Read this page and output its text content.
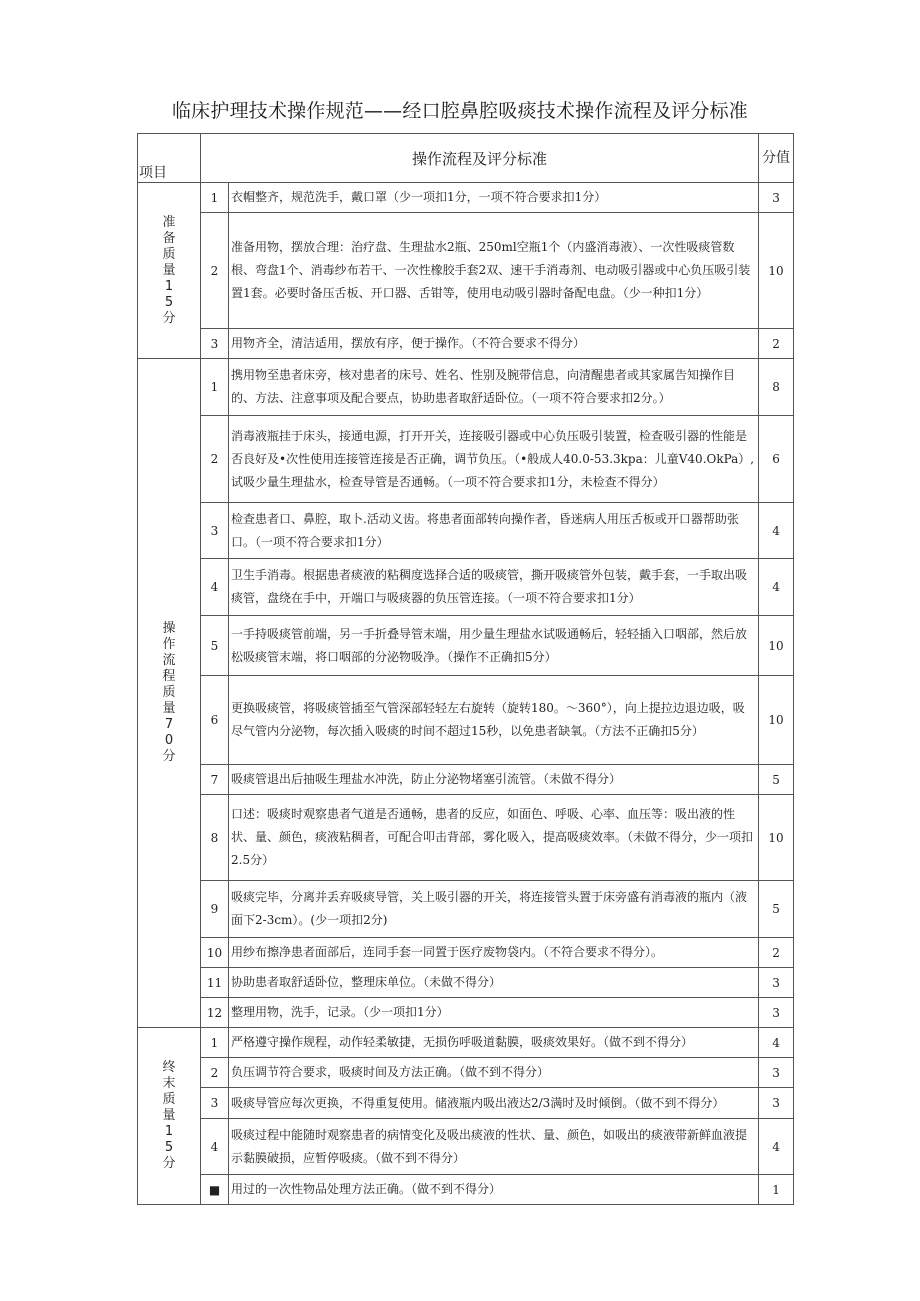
临床护理技术操作规范——经口腔鼻腔吸痰技术操作流程及评分标准
项目	操作流程及评分标准		分值
准备质量15分	1	衣帽整齐，规范洗手，戴口罩（少一项扣1分，一项不符合要求扣1分）	3
	2	准备用物，摆放合理：治疗盘、生理盐水2瓶、250ml空瓶1个（内盛消毒液）、一次性吸痰管数根、弯盘1个、消毒纱布若干、一次性橡胶手套2双、速干手消毒剂、电动吸引器或中心负压吸引装置1套。必要时备压舌板、开口器、舌钳等，使用电动吸引器时备配电盘。（少一种扣1分）	10
	3	用物齐全，清洁适用，摆放有序，便于操作。（不符合要求不得分）	2
操作流程质量70分	1	携用物至患者床旁，核对患者的床号、姓名、性别及腕带信息，向清醒患者或其家属告知操作目的、方法、注意事项及配合要点，协助患者取舒适卧位。（一项不符合要求扣2分。）	8
	2	消毒液瓶挂于床头，接通电源，打开开关，连接吸引器或中心负压吸引装置，检查吸引器的性能是否良好及•次性使用连接管连接是否正确，调节负压。（•般成人40.0-53.3kpa：儿童V40.OkPa）,试吸少量生理盐水，检查导管是否通畅。（一项不符合要求扣1分，未检查不得分）	6
	3	检查患者口、鼻腔，取卜.活动义齿。将患者面部转向操作者，昏迷病人用压舌板或开口器帮助张口。（一项不符合要求扣1分）	4
	4	卫生手消毒。根据患者痰液的粘稠度选择合适的吸痰管，撕开吸痰管外包装，戴手套，一手取出吸痰管，盘绕在手中，开端口与吸痰器的负压管连接。（一项不符合要求扣1分）	4
	5	一手持吸痰管前端，另一手折叠导管末端，用少量生理盐水试吸通畅后，轻轻插入口咽部，然后放松吸痰管末端，将口咽部的分泌物吸净。（操作不正确扣5分）	10
	6	更换吸痰管，将吸痰管插至气管深部轻轻左右旋转（旋转180。〜360°），向上提拉边退边吸，吸尽气管内分泌物，每次插入吸痰的时间不超过15秒，以免患者缺氧。（方法不正确扣5分）	10
	7	吸痰管退出后抽吸生理盐水冲洗，防止分泌物堵塞引流管。（未做不得分）	5
	8	口述：吸痰时观察患者气道是否通畅，患者的反应，如面色、呼吸、心率、血压等：吸出液的性状、量、颜色，痰液粘稠者，可配合叩击背部，雾化吸入，提高吸痰效率。（未做不得分，少一项扣2.5分）	10
	9	吸痰完毕，分离并丢弃吸痰导管，关上吸引器的开关，将连接管头置于床旁盛有消毒液的瓶内（液面下2-3cm）。(少一项扣2分)	5
	10	用纱布擦净患者面部后，连同手套一同置于医疗废物袋内。（不符合要求不得分）。	2
	11	协助患者取舒适卧位，整理床单位。（未做不得分）	3
	12	整理用物，洗手，记录。（少一项扣1分）	3
终末质量15分	1	严格遵守操作规程，动作轻柔敏捷，无损伤呼吸道黏膜，吸痰效果好。（做不到不得分）	4
	2	负压调节符合要求，吸痰时间及方法正确。（做不到不得分）	3
	3	吸痰导管应每次更换，不得重复使用。储液瓶内吸出液达2/3满时及时倾倒。（做不到不得分）	3
	4	吸痰过程中能随时观察患者的病情变化及吸出痰液的性状、量、颜色，如吸出的痰液带新鲜血液提示黏膜破损，应暂停吸痰。（做不到不得分）	4
	■	用过的一次性物品处理方法正确。（做不到不得分）	1
